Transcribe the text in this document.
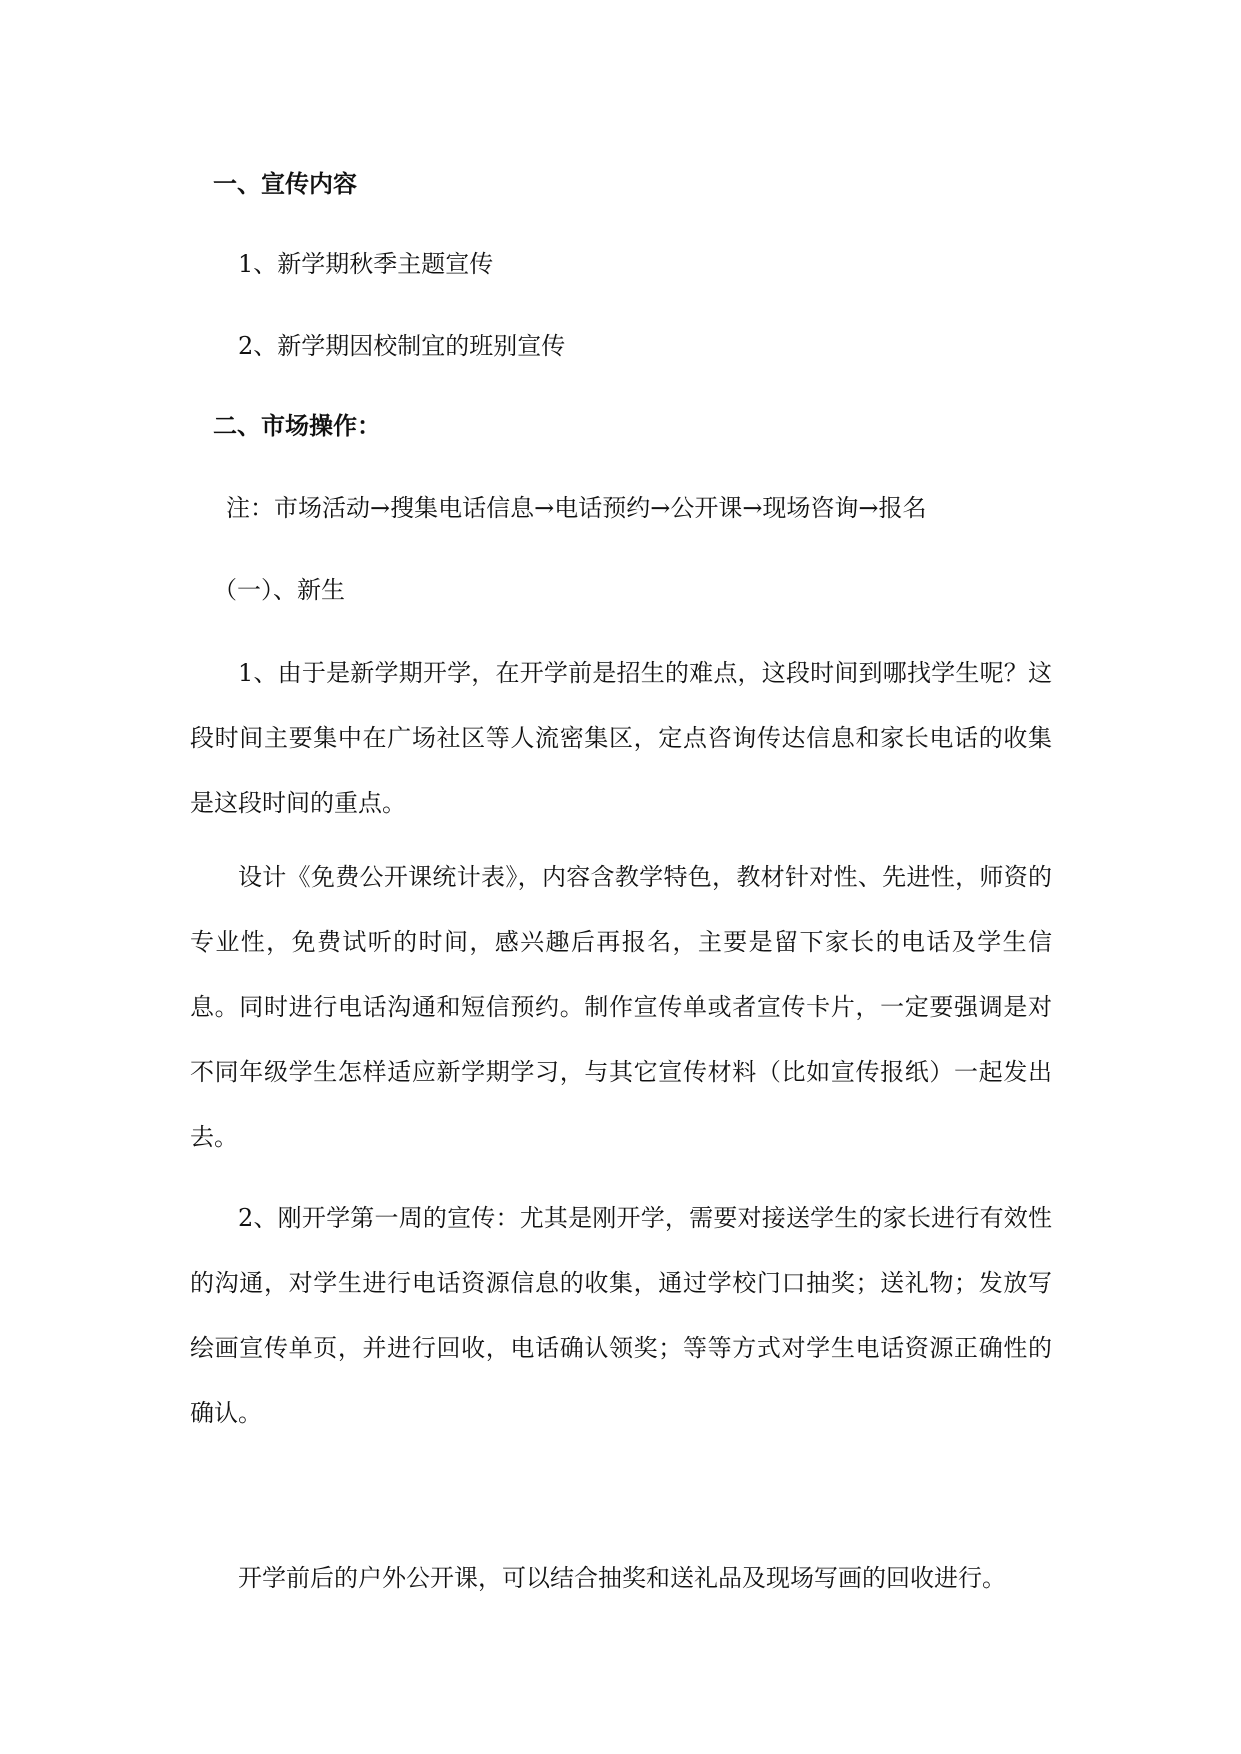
一、宣传内容
1、新学期秋季主题宣传
2、新学期因校制宜的班别宣传
二、市场操作：
注：市场活动→搜集电话信息→电话预约→公开课→现场咨询→报名
（一）、新生
1、由于是新学期开学，在开学前是招生的难点，这段时间到哪找学生呢？这段时间主要集中在广场社区等人流密集区，定点咨询传达信息和家长电话的收集是这段时间的重点。
设计《免费公开课统计表》，内容含教学特色，教材针对性、先进性，师资的专业性，免费试听的时间，感兴趣后再报名，主要是留下家长的电话及学生信息。同时进行电话沟通和短信预约。制作宣传单或者宣传卡片，一定要强调是对不同年级学生怎样适应新学期学习，与其它宣传材料（比如宣传报纸）一起发出去。
2、刚开学第一周的宣传：尤其是刚开学，需要对接送学生的家长进行有效性的沟通，对学生进行电话资源信息的收集，通过学校门口抽奖；送礼物；发放写绘画宣传单页，并进行回收，电话确认领奖；等等方式对学生电话资源正确性的确认。
开学前后的户外公开课，可以结合抽奖和送礼品及现场写画的回收进行。
